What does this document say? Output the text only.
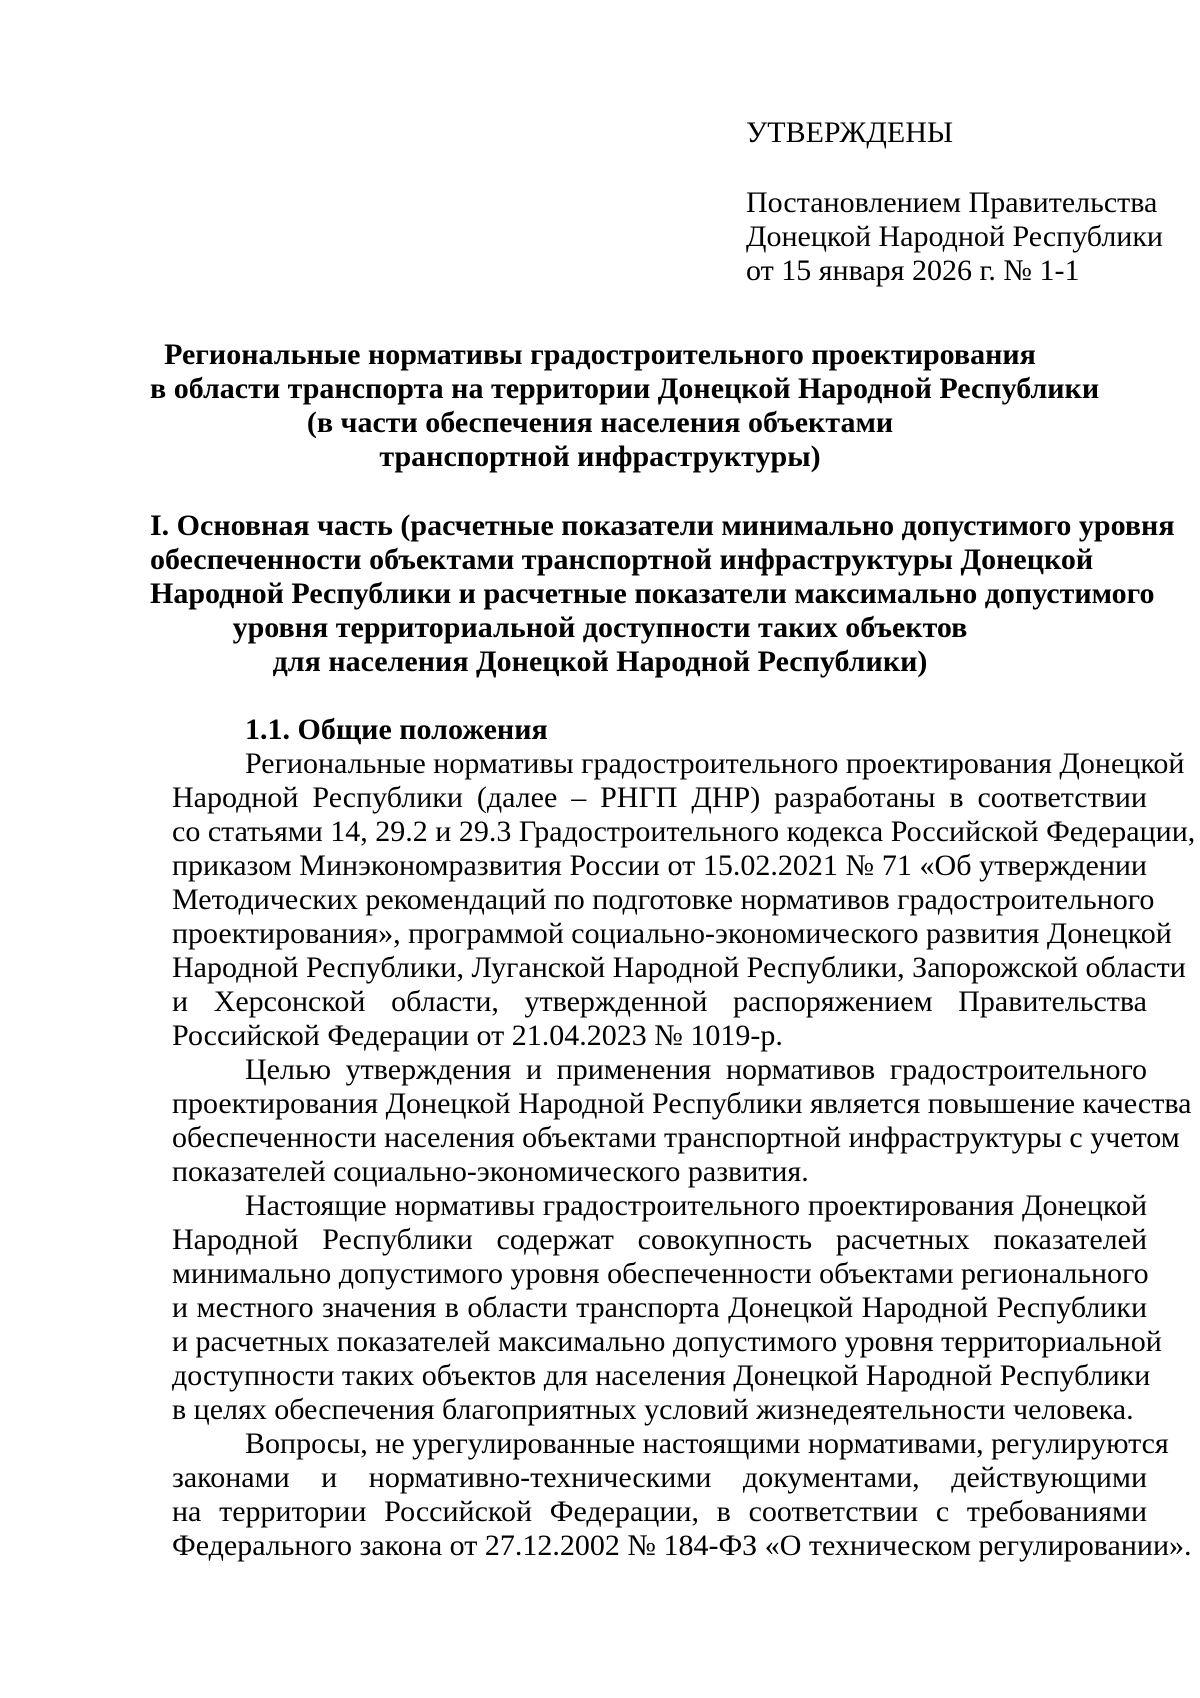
УТВЕРЖДЕНЫ
Постановлением Правительства
Донецкой Народной Республики
от 15 января 2026 г. № 1-1
Региональные нормативы градостроительного проектирования
в области транспорта на территории Донецкой Народной Республики
(в части обеспечения населения объектами
транспортной инфраструктуры)
I. Основная часть (расчетные показатели минимально допустимого уровня
обеспеченности объектами транспортной инфраструктуры Донецкой
Народной Республики и расчетные показатели максимально допустимого
уровня территориальной доступности таких объектов
для населения Донецкой Народной Республики)
1.1. Общие положения
Региональные нормативы градостроительного проектирования Донецкой
Народной Республики (далее – РНГП ДНР) разработаны в соответствии
со статьями 14, 29.2 и 29.3 Градостроительного кодекса Российской Федерации,
приказом Минэкономразвития России от 15.02.2021 № 71 «Об утверждении
Методических рекомендаций по подготовке нормативов градостроительного
проектирования», программой социально-экономического развития Донецкой
Народной Республики, Луганской Народной Республики, Запорожской области
и Херсонской области, утвержденной распоряжением Правительства
Российской Федерации от 21.04.2023 № 1019-р.
Целью утверждения и применения нормативов градостроительного
проектирования Донецкой Народной Республики является повышение качества
обеспеченности населения объектами транспортной инфраструктуры с учетом
показателей социально-экономического развития.
Настоящие нормативы градостроительного проектирования Донецкой
Народной Республики содержат совокупность расчетных показателей
минимально допустимого уровня обеспеченности объектами регионального
и местного значения в области транспорта Донецкой Народной Республики
и расчетных показателей максимально допустимого уровня территориальной
доступности таких объектов для населения Донецкой Народной Республики
в целях обеспечения благоприятных условий жизнедеятельности человека.
Вопросы, не урегулированные настоящими нормативами, регулируются
законами и нормативно-техническими документами, действующими
на территории Российской Федерации, в соответствии с требованиями
Федерального закона от 27.12.2002 № 184-ФЗ «О техническом регулировании».
